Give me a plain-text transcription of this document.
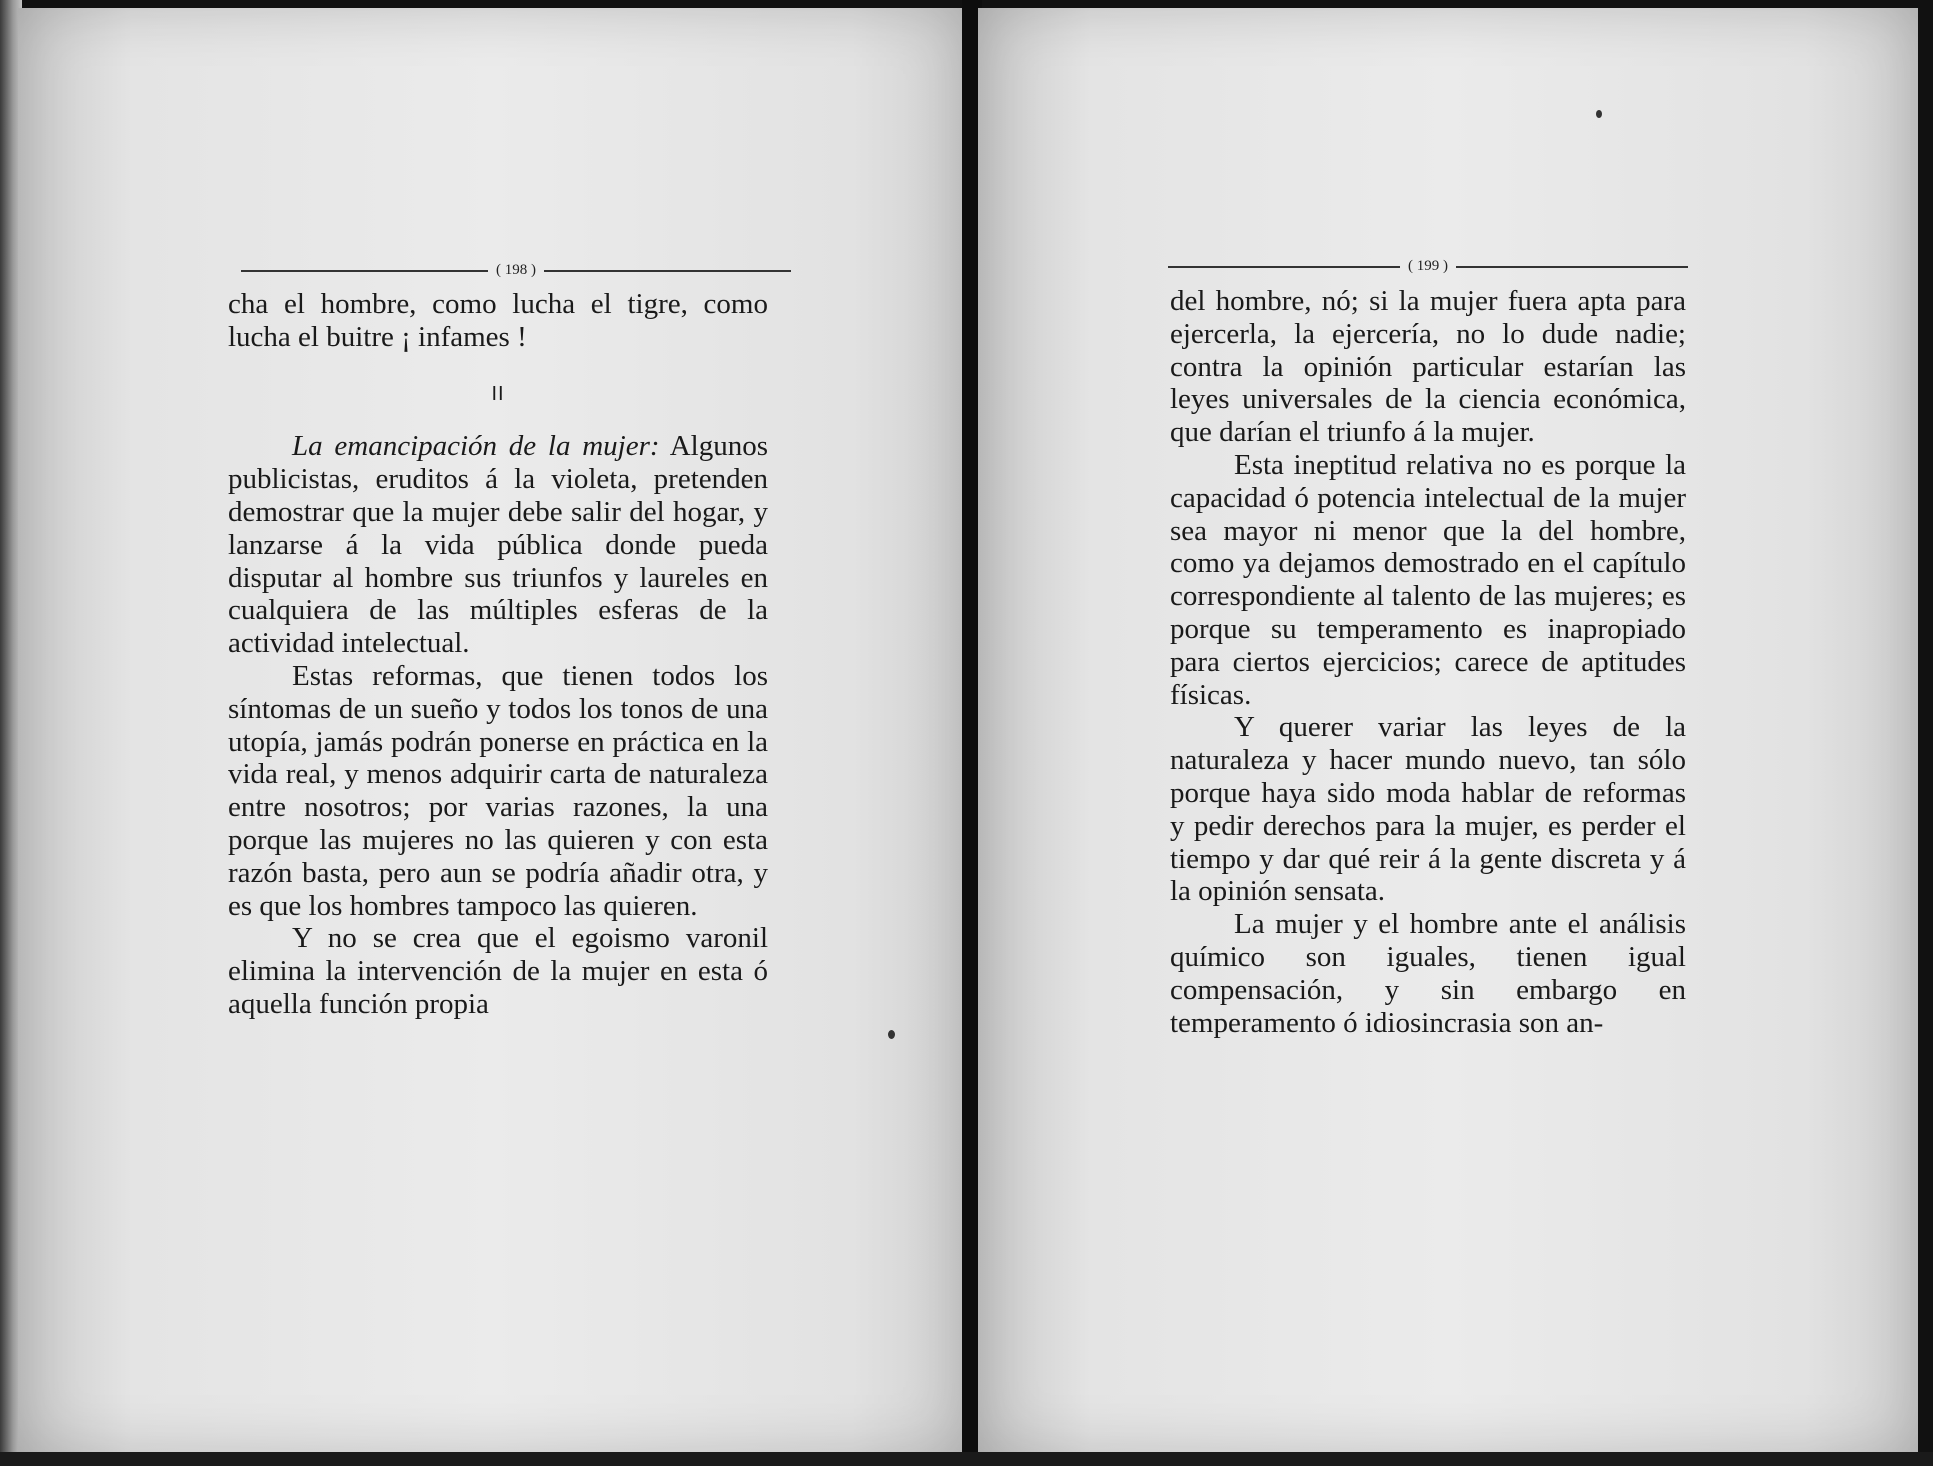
( 198 )

cha el hombre, como lucha el tigre, como lucha el buitre ¡ infames !

II

La emancipación de la mujer: Algunos publicistas, eruditos á la violeta, pretenden demostrar que la mujer debe salir del hogar, y lanzarse á la vida pública donde pueda disputar al hombre sus triunfos y laureles en cualquiera de las múltiples esferas de la actividad intelectual.

Estas reformas, que tienen todos los síntomas de un sueño y todos los tonos de una utopía, jamás podrán ponerse en práctica en la vida real, y menos adquirir carta de naturaleza entre nosotros; por varias razones, la una porque las mujeres no las quieren y con esta razón basta, pero aun se podría añadir otra, y es que los hombres tampoco las quieren.

Y no se crea que el egoismo varonil elimina la intervención de la mujer en esta ó aquella función propia

( 199 )

del hombre, nó; si la mujer fuera apta para ejercerla, la ejercería, no lo dude nadie; contra la opinión particular estarían las leyes universales de la ciencia económica, que darían el triunfo á la mujer.

Esta ineptitud relativa no es porque la capacidad ó potencia intelectual de la mujer sea mayor ni menor que la del hombre, como ya dejamos demostrado en el capítulo correspondiente al talento de las mujeres; es porque su temperamento es inapropiado para ciertos ejercicios; carece de aptitudes físicas.

Y querer variar las leyes de la naturaleza y hacer mundo nuevo, tan sólo porque haya sido moda hablar de reformas y pedir derechos para la mujer, es perder el tiempo y dar qué reir á la gente discreta y á la opinión sensata.

La mujer y el hombre ante el análisis químico son iguales, tienen igual compensación, y sin embargo en temperamento ó idiosincrasia son an-
